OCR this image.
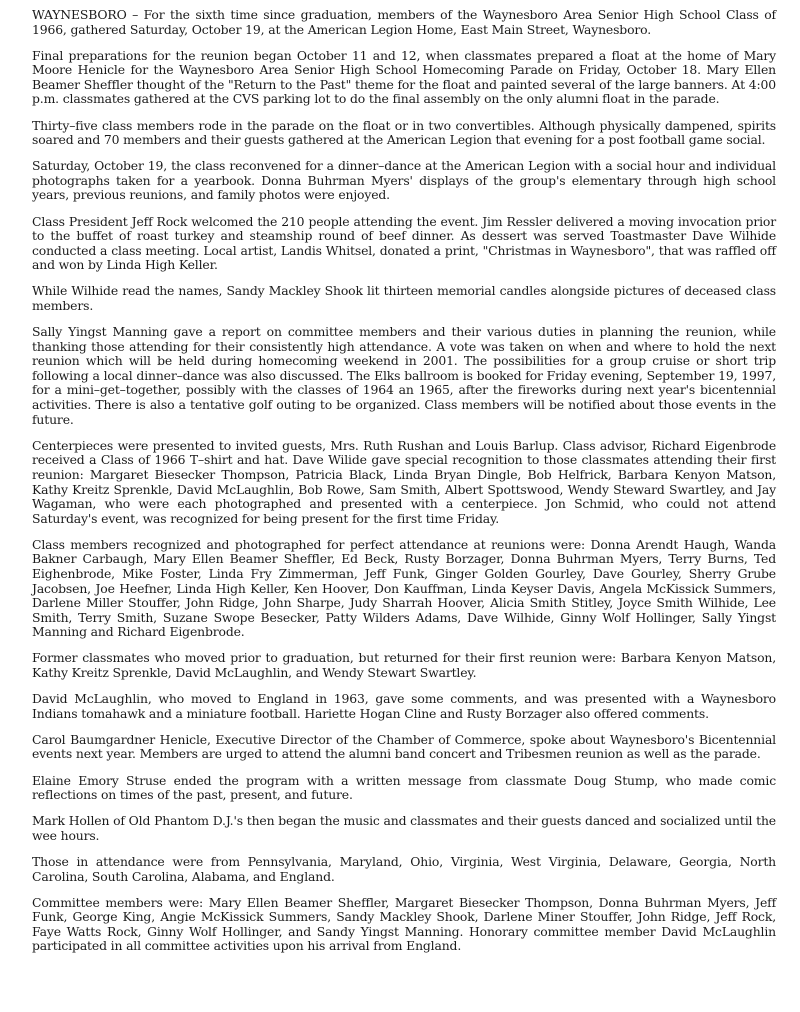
WAYNESBORO – For the sixth time since graduation, members of the Waynesboro Area Senior High School Class of 1966, gathered Saturday, October 19, at the American Legion Home, East Main Street, Waynesboro.

Final preparations for the reunion began October 11 and 12, when classmates prepared a float at the home of Mary Moore Henicle for the Waynesboro Area Senior High School Homecoming Parade on Friday, October 18. Mary Ellen Beamer Sheffler thought of the "Return to the Past" theme for the float and painted several of the large banners. At 4:00 p.m. classmates gathered at the CVS parking lot to do the final assembly on the only alumni float in the parade.

Thirty–five class members rode in the parade on the float or in two convertibles. Although physically dampened, spirits soared and 70 members and their guests gathered at the American Legion that evening for a post football game social.

Saturday, October 19, the class reconvened for a dinner–dance at the American Legion with a social hour and individual photographs taken for a yearbook. Donna Buhrman Myers' displays of the group's elementary through high school years, previous reunions, and family photos were enjoyed.

Class President Jeff Rock welcomed the 210 people attending the event. Jim Ressler delivered a moving invocation prior to the buffet of roast turkey and steamship round of beef dinner. As dessert was served Toastmaster Dave Wilhide conducted a class meeting. Local artist, Landis Whitsel, donated a print, "Christmas in Waynesboro", that was raffled off and won by Linda High Keller.

While Wilhide read the names, Sandy Mackley Shook lit thirteen memorial candles alongside pictures of deceased class members.

Sally Yingst Manning gave a report on committee members and their various duties in planning the reunion, while thanking those attending for their consistently high attendance. A vote was taken on when and where to hold the next reunion which will be held during homecoming weekend in 2001. The possibilities for a group cruise or short trip following a local dinner–dance was also discussed. The Elks ballroom is booked for Friday evening, September 19, 1997, for a mini–get–together, possibly with the classes of 1964 an 1965, after the fireworks during next year's bicentennial activities. There is also a tentative golf outing to be organized. Class members will be notified about those events in the future.

Centerpieces were presented to invited guests, Mrs. Ruth Rushan and Louis Barlup. Class advisor, Richard Eigenbrode received a Class of 1966 T–shirt and hat. Dave Wilide gave special recognition to those classmates attending their first reunion: Margaret Biesecker Thompson, Patricia Black, Linda Bryan Dingle, Bob Helfrick, Barbara Kenyon Matson, Kathy Kreitz Sprenkle, David McLaughlin, Bob Rowe, Sam Smith, Albert Spottswood, Wendy Steward Swartley, and Jay Wagaman, who were each photographed and presented with a centerpiece. Jon Schmid, who could not attend Saturday's event, was recognized for being present for the first time Friday.

Class members recognized and photographed for perfect attendance at reunions were: Donna Arendt Haugh, Wanda Bakner Carbaugh, Mary Ellen Beamer Sheffler, Ed Beck, Rusty Borzager, Donna Buhrman Myers, Terry Burns, Ted Eighenbrode, Mike Foster, Linda Fry Zimmerman, Jeff Funk, Ginger Golden Gourley, Dave Gourley, Sherry Grube Jacobsen, Joe Heefner, Linda High Keller, Ken Hoover, Don Kauffman, Linda Keyser Davis, Angela McKissick Summers, Darlene Miller Stouffer, John Ridge, John Sharpe, Judy Sharrah Hoover, Alicia Smith Stitley, Joyce Smith Wilhide, Lee Smith, Terry Smith, Suzane Swope Besecker, Patty Wilders Adams, Dave Wilhide, Ginny Wolf Hollinger, Sally Yingst Manning and Richard Eigenbrode.

Former classmates who moved prior to graduation, but returned for their first reunion were: Barbara Kenyon Matson, Kathy Kreitz Sprenkle, David McLaughlin, and Wendy Stewart Swartley.

David McLaughlin, who moved to England in 1963, gave some comments, and was presented with a Waynesboro Indians tomahawk and a miniature football. Hariette Hogan Cline and Rusty Borzager also offered comments.

Carol Baumgardner Henicle, Executive Director of the Chamber of Commerce, spoke about Waynesboro's Bicentennial events next year. Members are urged to attend the alumni band concert and Tribesmen reunion as well as the parade.

Elaine Emory Struse ended the program with a written message from classmate Doug Stump, who made comic reflections on times of the past, present, and future.

Mark Hollen of Old Phantom D.J.'s then began the music and classmates and their guests danced and socialized until the wee hours.

Those in attendance were from Pennsylvania, Maryland, Ohio, Virginia, West Virginia, Delaware, Georgia, North Carolina, South Carolina, Alabama, and England.

Committee members were: Mary Ellen Beamer Sheffler, Margaret Biesecker Thompson, Donna Buhrman Myers, Jeff Funk, George King, Angie McKissick Summers, Sandy Mackley Shook, Darlene Miner Stouffer, John Ridge, Jeff Rock, Faye Watts Rock, Ginny Wolf Hollinger, and Sandy Yingst Manning. Honorary committee member David McLaughlin participated in all committee activities upon his arrival from England.
